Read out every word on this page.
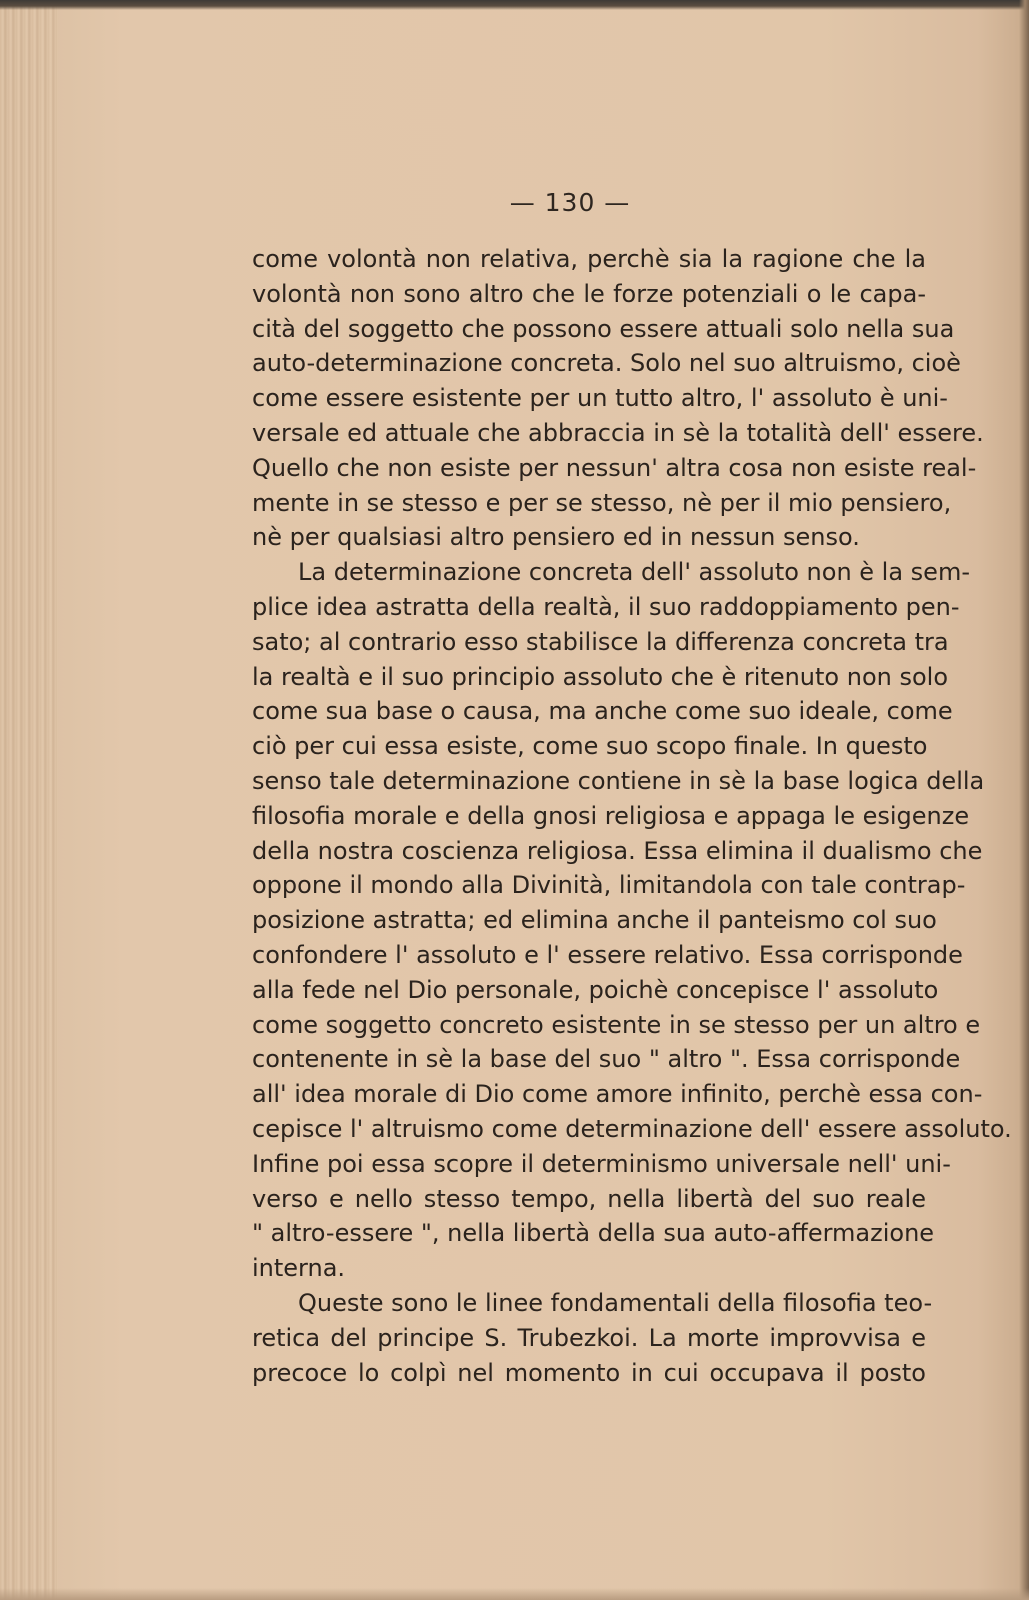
— 130 —
come volontà non relativa, perchè sia la ragione che la
volontà non sono altro che le forze potenziali o le capa-
cità del soggetto che possono essere attuali solo nella sua
auto-determinazione concreta. Solo nel suo altruismo, cioè
come essere esistente per un tutto altro, l' assoluto è uni-
versale ed attuale che abbraccia in sè la totalità dell' essere.
Quello che non esiste per nessun' altra cosa non esiste real-
mente in se stesso e per se stesso, nè per il mio pensiero,
nè per qualsiasi altro pensiero ed in nessun senso.
La determinazione concreta dell' assoluto non è la sem-
plice idea astratta della realtà, il suo raddoppiamento pen-
sato; al contrario esso stabilisce la differenza concreta tra
la realtà e il suo principio assoluto che è ritenuto non solo
come sua base o causa, ma anche come suo ideale, come
ciò per cui essa esiste, come suo scopo finale. In questo
senso tale determinazione contiene in sè la base logica della
filosofia morale e della gnosi religiosa e appaga le esigenze
della nostra coscienza religiosa. Essa elimina il dualismo che
oppone il mondo alla Divinità, limitandola con tale contrap-
posizione astratta; ed elimina anche il panteismo col suo
confondere l' assoluto e l' essere relativo. Essa corrisponde
alla fede nel Dio personale, poichè concepisce l' assoluto
come soggetto concreto esistente in se stesso per un altro e
contenente in sè la base del suo " altro ". Essa corrisponde
all' idea morale di Dio come amore infinito, perchè essa con-
cepisce l' altruismo come determinazione dell' essere assoluto.
Infine poi essa scopre il determinismo universale nell' uni-
verso e nello stesso tempo, nella libertà del suo reale
" altro-essere ", nella libertà della sua auto-affermazione
interna.
Queste sono le linee fondamentali della filosofia teo-
retica del principe S. Trubezkoi. La morte improvvisa e
precoce lo colpì nel momento in cui occupava il posto
